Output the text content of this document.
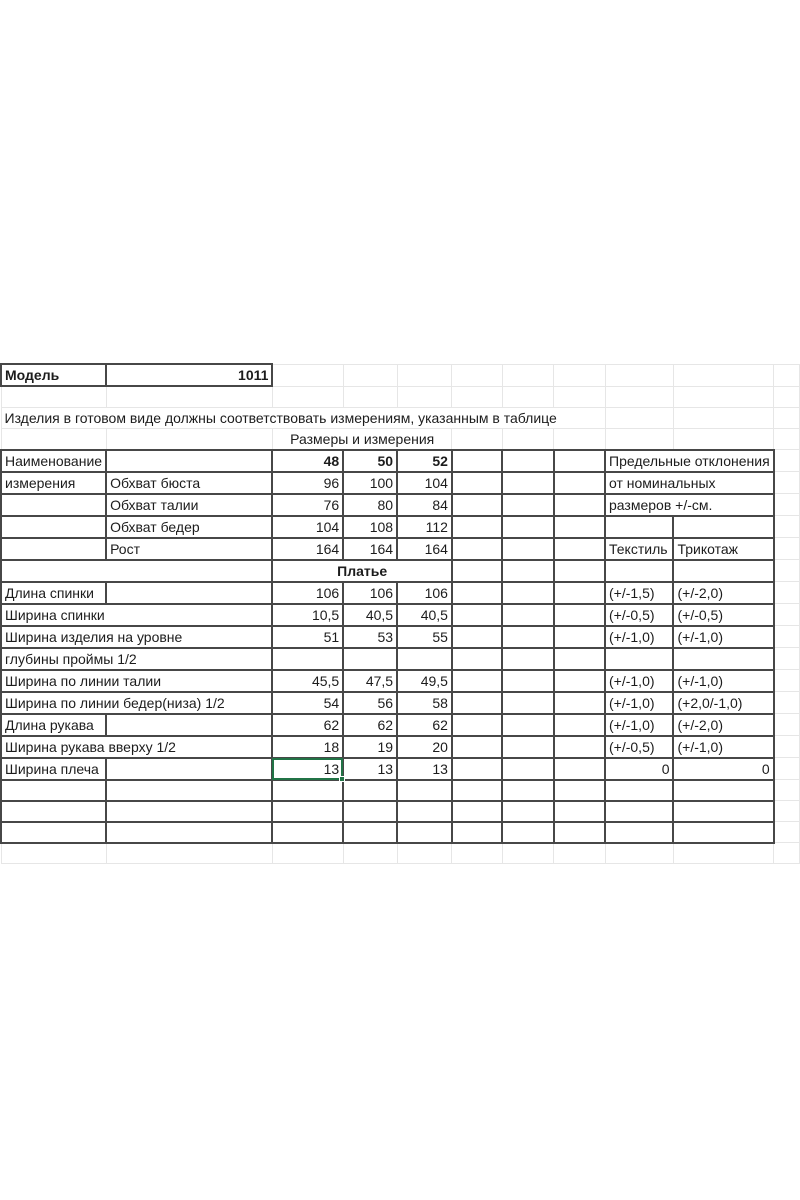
Модель	1011									

Изделия в готовом виде должны соответствовать измерениям, указанным в таблице										
		Размеры и измерения								
Наименование		48	50	52				Предельные отклонения		
измерения	Обхват бюста	96	100	104				от номинальных		
	Обхват талии	76	80	84				размеров +/-см.		
	Обхват бедер	104	108	112						
	Рост	164	164	164				Текстиль	Трикотаж	
		Платье								
Длина спинки		106	106	106				(+/-1,5)	(+/-2,0)	
Ширина спинки		10,5	40,5	40,5				(+/-0,5)	(+/-0,5)	
Ширина изделия на уровне		51	53	55				(+/-1,0)	(+/-1,0)	
глубины проймы 1/2										
Ширина по линии талии		45,5	47,5	49,5				(+/-1,0)	(+/-1,0)	
Ширина по линии бедер(низа) 1/2		54	56	58				(+/-1,0)	(+2,0/-1,0)	
Длина рукава		62	62	62				(+/-1,0)	(+/-2,0)	
Ширина рукава вверху 1/2		18	19	20				(+/-0,5)	(+/-1,0)	
Ширина плеча		13	13	13				0	0	
